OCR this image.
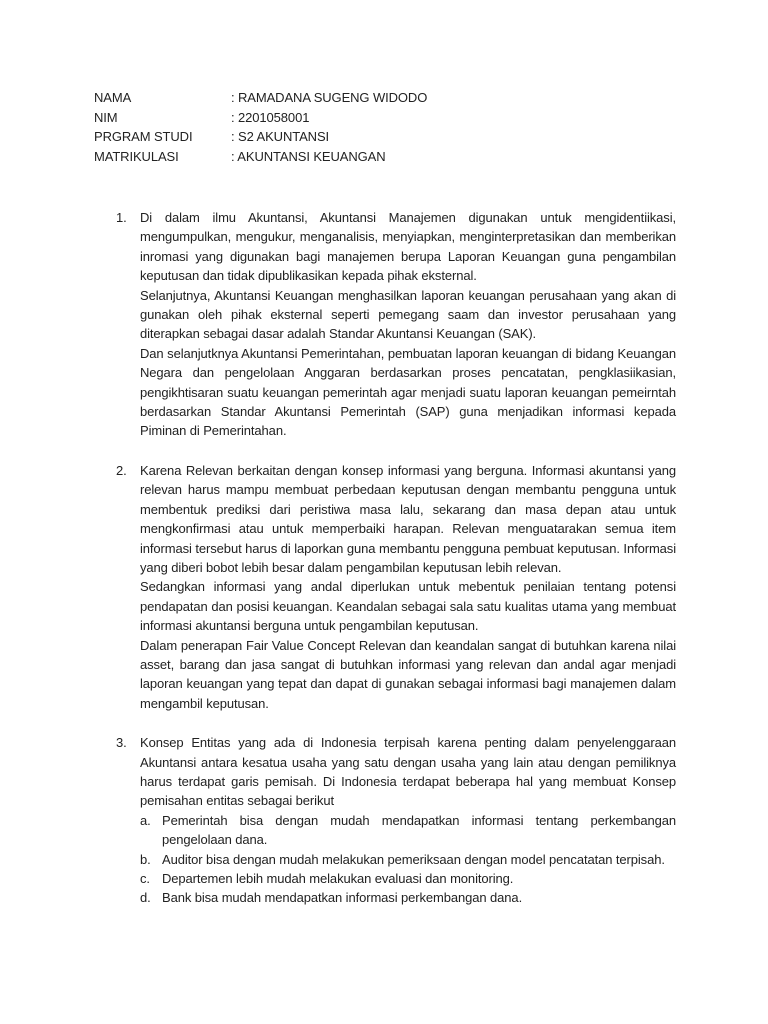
NAMA	: RAMADANA SUGENG WIDODO
NIM	: 2201058001
PRGRAM STUDI	: S2 AKUNTANSI
MATRIKULASI	: AKUNTANSI KEUANGAN
1.	Di dalam ilmu Akuntansi, Akuntansi Manajemen digunakan untuk mengidentiikasi, mengumpulkan, mengukur, menganalisis, menyiapkan, menginterpretasikan dan memberikan inromasi yang digunakan bagi manajemen berupa Laporan Keuangan guna pengambilan keputusan dan tidak dipublikasikan kepada pihak eksternal.

Selanjutnya, Akuntansi Keuangan menghasilkan laporan keuangan perusahaan yang akan di gunakan oleh pihak eksternal seperti pemegang saam dan investor perusahaan yang diterapkan sebagai dasar adalah Standar Akuntansi Keuangan (SAK).

Dan selanjutknya Akuntansi Pemerintahan, pembuatan laporan keuangan di bidang Keuangan Negara dan pengelolaan Anggaran berdasarkan proses pencatatan, pengklasiikasian, pengikhtisaran suatu keuangan pemerintah agar menjadi suatu laporan keuangan pemeirntah berdasarkan Standar Akuntansi Pemerintah (SAP) guna menjadikan informasi kepada Piminan di Pemerintahan.

2.	Karena Relevan berkaitan dengan konsep informasi yang berguna. Informasi akuntansi yang relevan harus mampu membuat perbedaan keputusan dengan membantu pengguna untuk membentuk prediksi dari peristiwa masa lalu, sekarang dan masa depan atau untuk mengkonfirmasi atau untuk memperbaiki harapan. Relevan menguatarakan semua item informasi tersebut harus di laporkan guna membantu pengguna pembuat keputusan. Informasi yang diberi bobot lebih besar dalam pengambilan keputusan lebih relevan.

Sedangkan informasi yang andal diperlukan untuk mebentuk penilaian tentang potensi pendapatan dan posisi keuangan. Keandalan sebagai sala satu kualitas utama yang membuat informasi akuntansi berguna untuk pengambilan keputusan.

Dalam penerapan Fair Value Concept Relevan dan keandalan sangat di butuhkan karena nilai asset, barang dan jasa sangat di butuhkan informasi yang relevan dan andal agar menjadi laporan keuangan yang tepat dan dapat di gunakan sebagai informasi bagi manajemen dalam mengambil keputusan.

3.	Konsep Entitas yang ada di Indonesia terpisah karena penting dalam penyelenggaraan Akuntansi antara kesatua usaha yang satu dengan usaha yang lain atau dengan pemiliknya harus terdapat garis pemisah. Di Indonesia terdapat beberapa hal yang membuat Konsep pemisahan entitas sebagai berikut

a. Pemerintah bisa dengan mudah mendapatkan informasi tentang perkembangan pengelolaan dana.
b. Auditor bisa dengan mudah melakukan pemeriksaan dengan model pencatatan terpisah.
c. Departemen lebih mudah melakukan evaluasi dan monitoring.
d. Bank bisa mudah mendapatkan informasi perkembangan dana.
